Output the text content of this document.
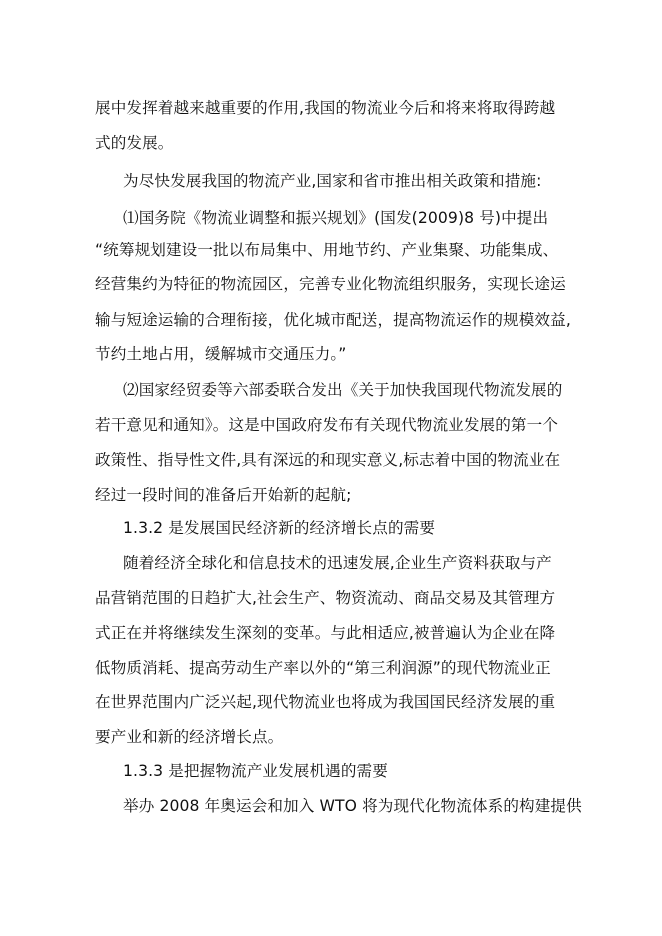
展中发挥着越来越重要的作用,我国的物流业今后和将来将取得跨越
式的发展。
为尽快发展我国的物流产业,国家和省市推出相关政策和措施:
⑴国务院《物流业调整和振兴规划》(国发(2009)8 号)中提出
“统筹规划建设一批以布局集中、用地节约、产业集聚、功能集成、
经营集约为特征的物流园区，完善专业化物流组织服务，实现长途运
输与短途运输的合理衔接，优化城市配送，提高物流运作的规模效益,
节约土地占用，缓解城市交通压力。”
⑵国家经贸委等六部委联合发出《关于加快我国现代物流发展的
若干意见和通知》。这是中国政府发布有关现代物流业发展的第一个
政策性、指导性文件,具有深远的和现实意义,标志着中国的物流业在
经过一段时间的准备后开始新的起航;
1.3.2 是发展国民经济新的经济增长点的需要
随着经济全球化和信息技术的迅速发展,企业生产资料获取与产
品营销范围的日趋扩大,社会生产、物资流动、商品交易及其管理方
式正在并将继续发生深刻的变革。与此相适应,被普遍认为企业在降
低物质消耗、提高劳动生产率以外的“第三利润源”的现代物流业正
在世界范围内广泛兴起,现代物流业也将成为我国国民经济发展的重
要产业和新的经济增长点。
1.3.3 是把握物流产业发展机遇的需要
举办 2008 年奥运会和加入 WTO 将为现代化物流体系的构建提供
